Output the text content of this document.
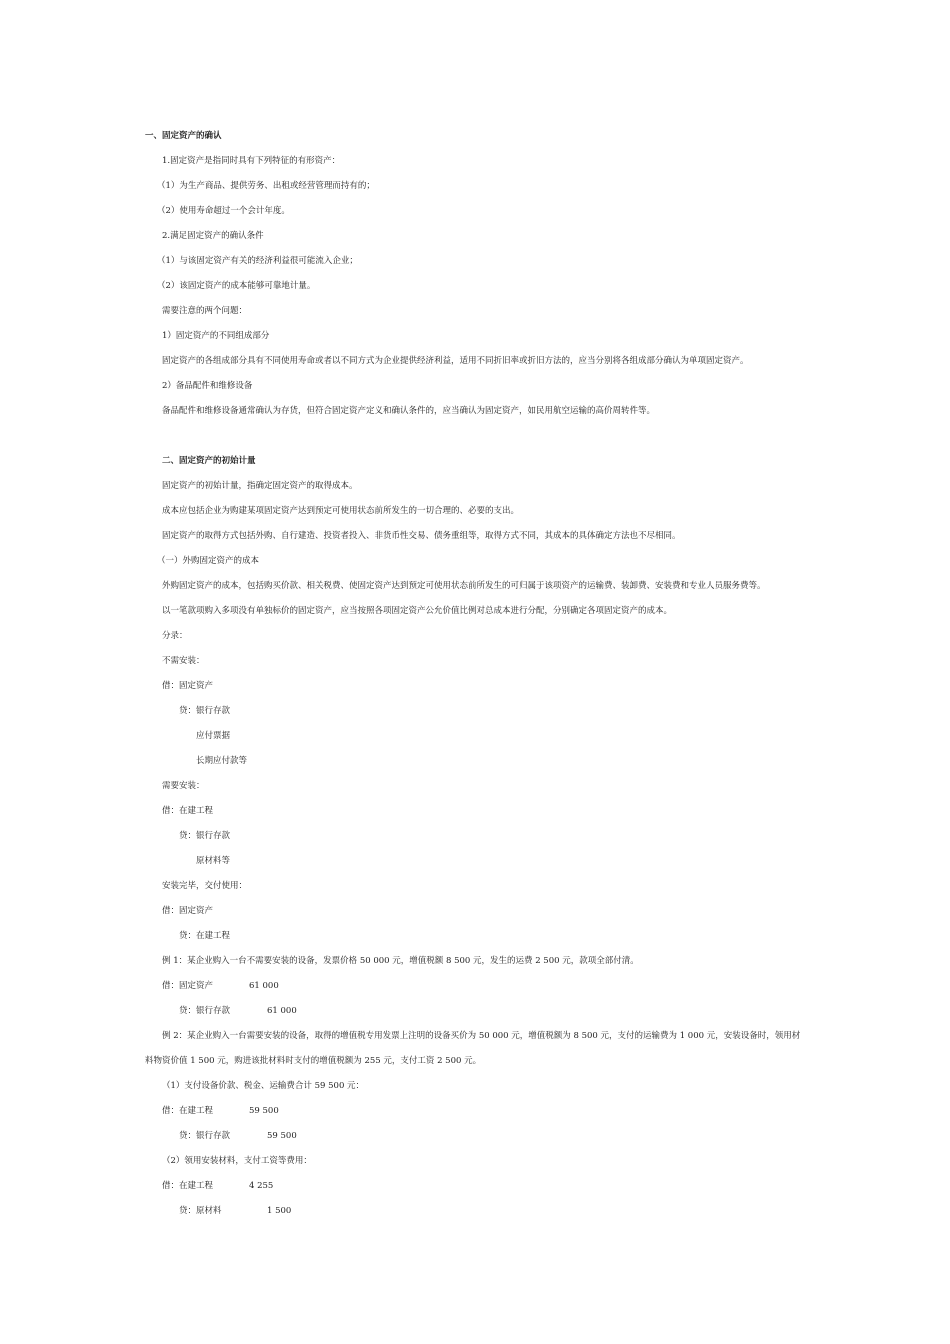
一、固定资产的确认
1.固定资产是指同时具有下列特征的有形资产：
（1）为生产商品、提供劳务、出租或经营管理而持有的；
（2）使用寿命超过一个会计年度。
2.满足固定资产的确认条件
（1）与该固定资产有关的经济利益很可能流入企业；
（2）该固定资产的成本能够可靠地计量。
需要注意的两个问题：
1）固定资产的不同组成部分
固定资产的各组成部分具有不同使用寿命或者以不同方式为企业提供经济利益，适用不同折旧率或折旧方法的，应当分别将各组成部分确认为单项固定资产。
2）备品配件和维修设备
备品配件和维修设备通常确认为存货，但符合固定资产定义和确认条件的，应当确认为固定资产，如民用航空运输的高价周转件等。
二、固定资产的初始计量
固定资产的初始计量，指确定固定资产的取得成本。
成本应包括企业为购建某项固定资产达到预定可使用状态前所发生的一切合理的、必要的支出。
固定资产的取得方式包括外购、自行建造、投资者投入、非货币性交易、债务重组等，取得方式不同，其成本的具体确定方法也不尽相同。
（一）外购固定资产的成本
外购固定资产的成本，包括购买价款、相关税费、使固定资产达到预定可使用状态前所发生的可归属于该项资产的运输费、装卸费、安装费和专业人员服务费等。
以一笔款项购入多项没有单独标价的固定资产，应当按照各项固定资产公允价值比例对总成本进行分配，分别确定各项固定资产的成本。
分录：
不需安装：
借：固定资产
贷：银行存款
应付票据
长期应付款等
需要安装：
借：在建工程
贷：银行存款
原材料等
安装完毕，交付使用：
借：固定资产
贷：在建工程
例 1：某企业购入一台不需要安装的设备，发票价格 50 000 元，增值税额 8 500 元，发生的运费 2 500 元，款项全部付清。
借：固定资产	61 000
贷：银行存款	61 000
例 2：某企业购入一台需要安装的设备，取得的增值税专用发票上注明的设备买价为 50 000 元，增值税额为 8 500 元，支付的运输费为 1 000 元，安装设备时，领用材
料物资价值 1 500 元，购进该批材料时支付的增值税额为 255 元，支付工资 2 500 元。
（1）支付设备价款、税金、运输费合计 59 500 元：
借：在建工程	59 500
贷：银行存款	59 500
（2）领用安装材料，支付工资等费用：
借：在建工程	4 255
贷：原材料	1 500
